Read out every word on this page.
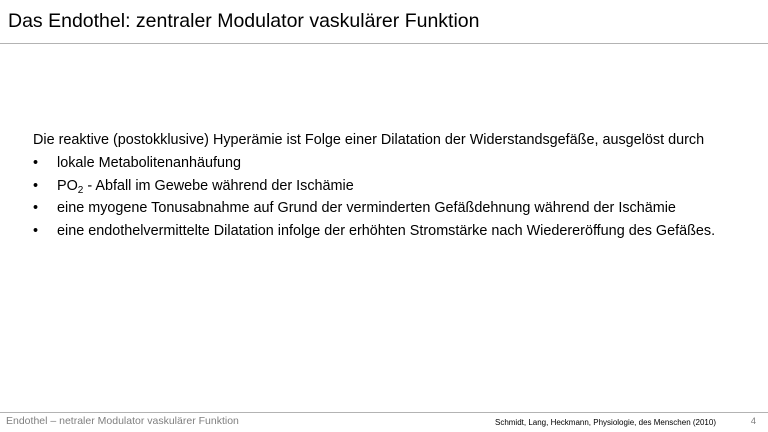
Das Endothel: zentraler Modulator vaskulärer Funktion

Die reaktive (postokklusive) Hyperämie ist Folge einer Dilatation der Widerstandsgefäße, ausgelöst durch

• lokale Metabolitenanhäufung
• $PO_2$ - Abfall im Gewebe während der Ischämie
• eine myogene Tonusabnahme auf Grund der verminderten Gefäßdehnung während der Ischämie
• eine endothelvermittelte Dilatation infolge der erhöhten Stromstärke nach Wiedereröffung des Gefäßes.
Endothel – netraler Modulator vaskulärer Funktion	Schmidt, Lang, Heckmann, Physiologie, des Menschen (2010)	4
